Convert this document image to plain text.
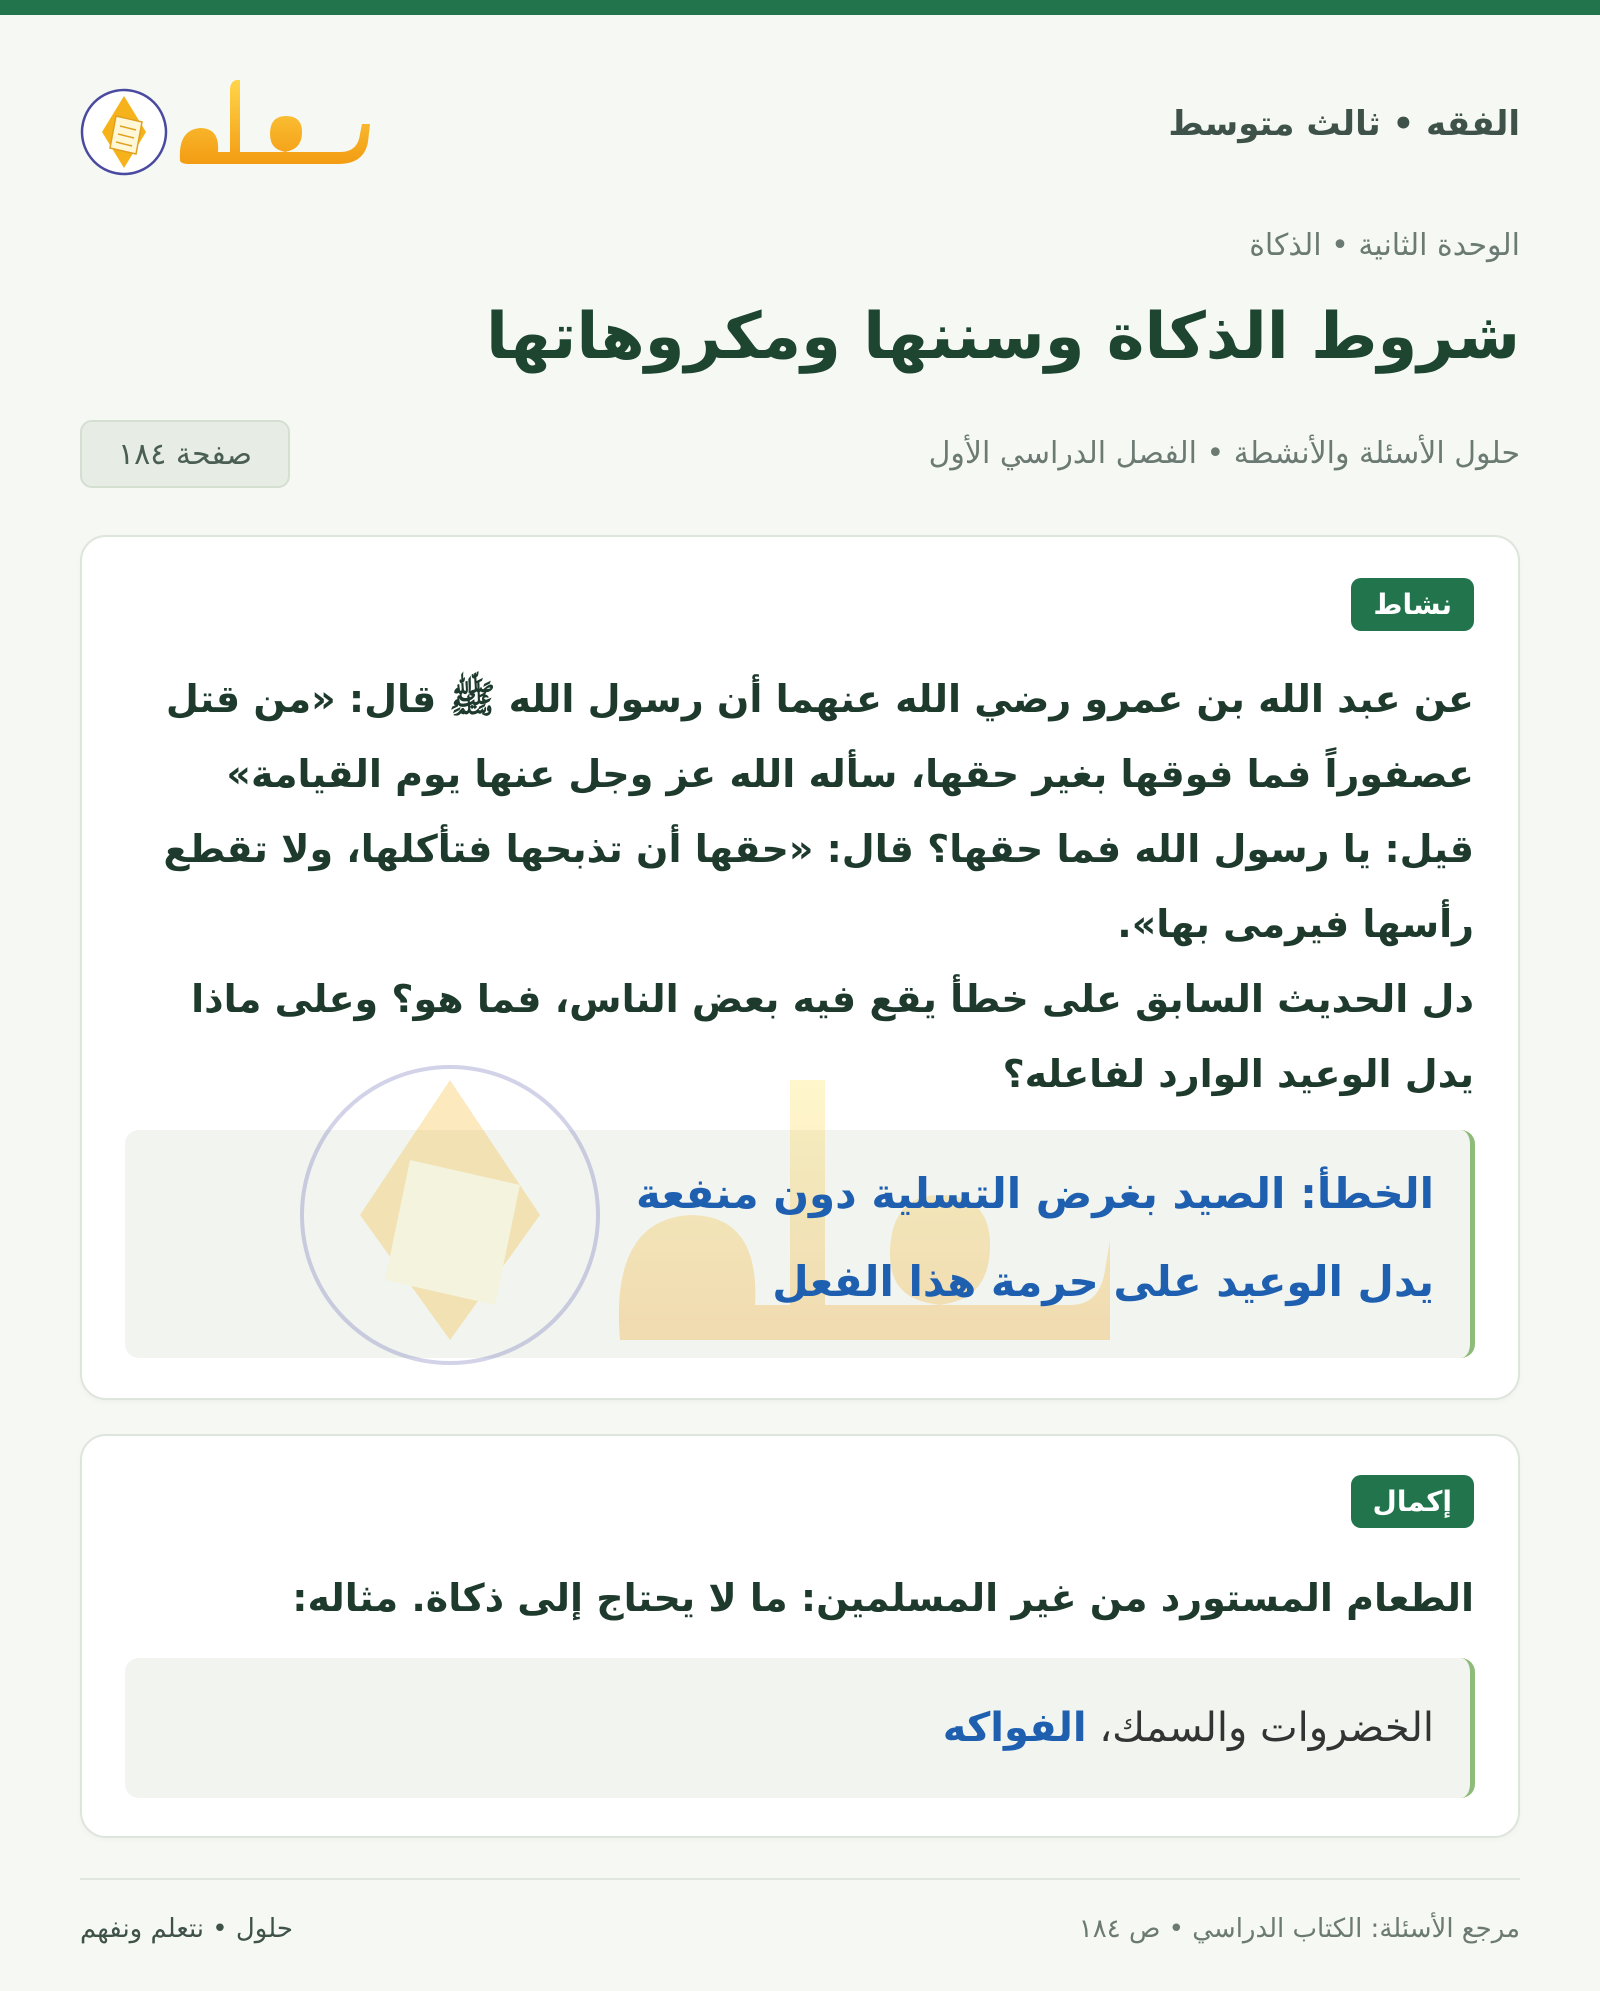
الفقه • ثالث متوسط
الوحدة الثانية • الذكاة
شروط الذكاة وسننها ومكروهاتها
حلول الأسئلة والأنشطة • الفصل الدراسي الأول
صفحة ١٨٤
نشاط

عن عبد الله بن عمرو رضي الله عنهما أن رسول الله ﷺ قال: «من قتل عصفوراً فما فوقها بغير حقها، سأله الله عز وجل عنها يوم القيامة» قيل: يا رسول الله فما حقها؟ قال: «حقها أن تذبحها فتأكلها، ولا تقطع رأسها فيرمى بها».

دل الحديث السابق على خطأ يقع فيه بعض الناس، فما هو؟ وعلى ماذا يدل الوعيد الوارد لفاعله؟

الخطأ: الصيد بغرض التسلية دون منفعة
يدل الوعيد على حرمة هذا الفعل
إكمال
الطعام المستورد من غير المسلمين: ما لا يحتاج إلى ذكاة. مثاله:
الخضروات والسمك، الفواكه
مرجع الأسئلة: الكتاب الدراسي • ص ١٨٤
حلول • نتعلم ونفهم
